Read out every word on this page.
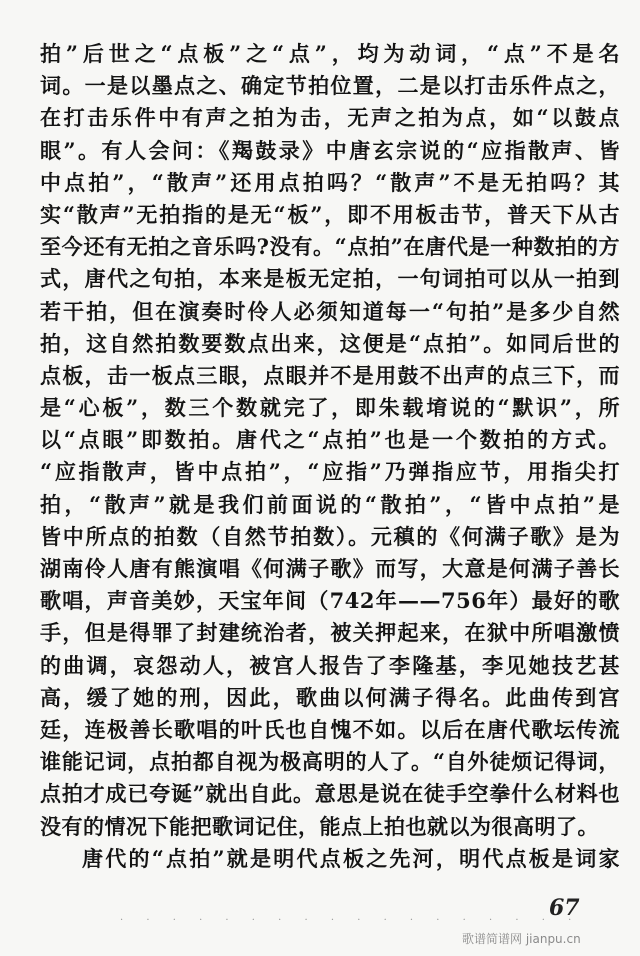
拍”后世之“点板”之“点”，均为动词，“点”不是名
词。一是以墨点之、确定节拍位置，二是以打击乐件点之，
在打击乐件中有声之拍为击，无声之拍为点，如“以鼓点
眼”。有人会问：《羯鼓录》中唐玄宗说的“应指散声、皆
中点拍”，“散声”还用点拍吗？“散声”不是无拍吗？其
实“散声”无拍指的是无“板”，即不用板击节，普天下从古
至今还有无拍之音乐吗?没有。“点拍”在唐代是一种数拍的方
式，唐代之句拍，本来是板无定拍，一句词拍可以从一拍到
若干拍，但在演奏时伶人必须知道每一“句拍”是多少自然
拍，这自然拍数要数点出来，这便是“点拍”。如同后世的
点板，击一板点三眼，点眼并不是用鼓不出声的点三下，而
是“心板”，数三个数就完了，即朱载堉说的“默识”，所
以“点眼”即数拍。唐代之“点拍”也是一个数拍的方式。
“应指散声，皆中点拍”，“应指”乃弹指应节，用指尖打
拍，“散声”就是我们前面说的“散拍”，“皆中点拍”是
皆中所点的拍数（自然节拍数）。元稹的《何满子歌》是为
湖南伶人唐有熊演唱《何满子歌》而写，大意是何满子善长
歌唱，声音美妙，天宝年间（742年——756年）最好的歌
手，但是得罪了封建统治者，被关押起来，在狱中所唱激愤
的曲调，哀怨动人，被宫人报告了李隆基，李见她技艺甚
高，缓了她的刑，因此，歌曲以何满子得名。此曲传到宫
廷，连极善长歌唱的叶氏也自愧不如。以后在唐代歌坛传流
谁能记词，点拍都自视为极高明的人了。“自外徒烦记得词，
点拍才成已夸诞”就出自此。意思是说在徒手空拳什么材料也
没有的情况下能把歌词记住，能点上拍也就以为很高明了。
唐代的“点拍”就是明代点板之先河，明代点板是词家
· · · · · · · · · · · · · · · · · ·
67
歌谱简谱网 jianpu.cn
